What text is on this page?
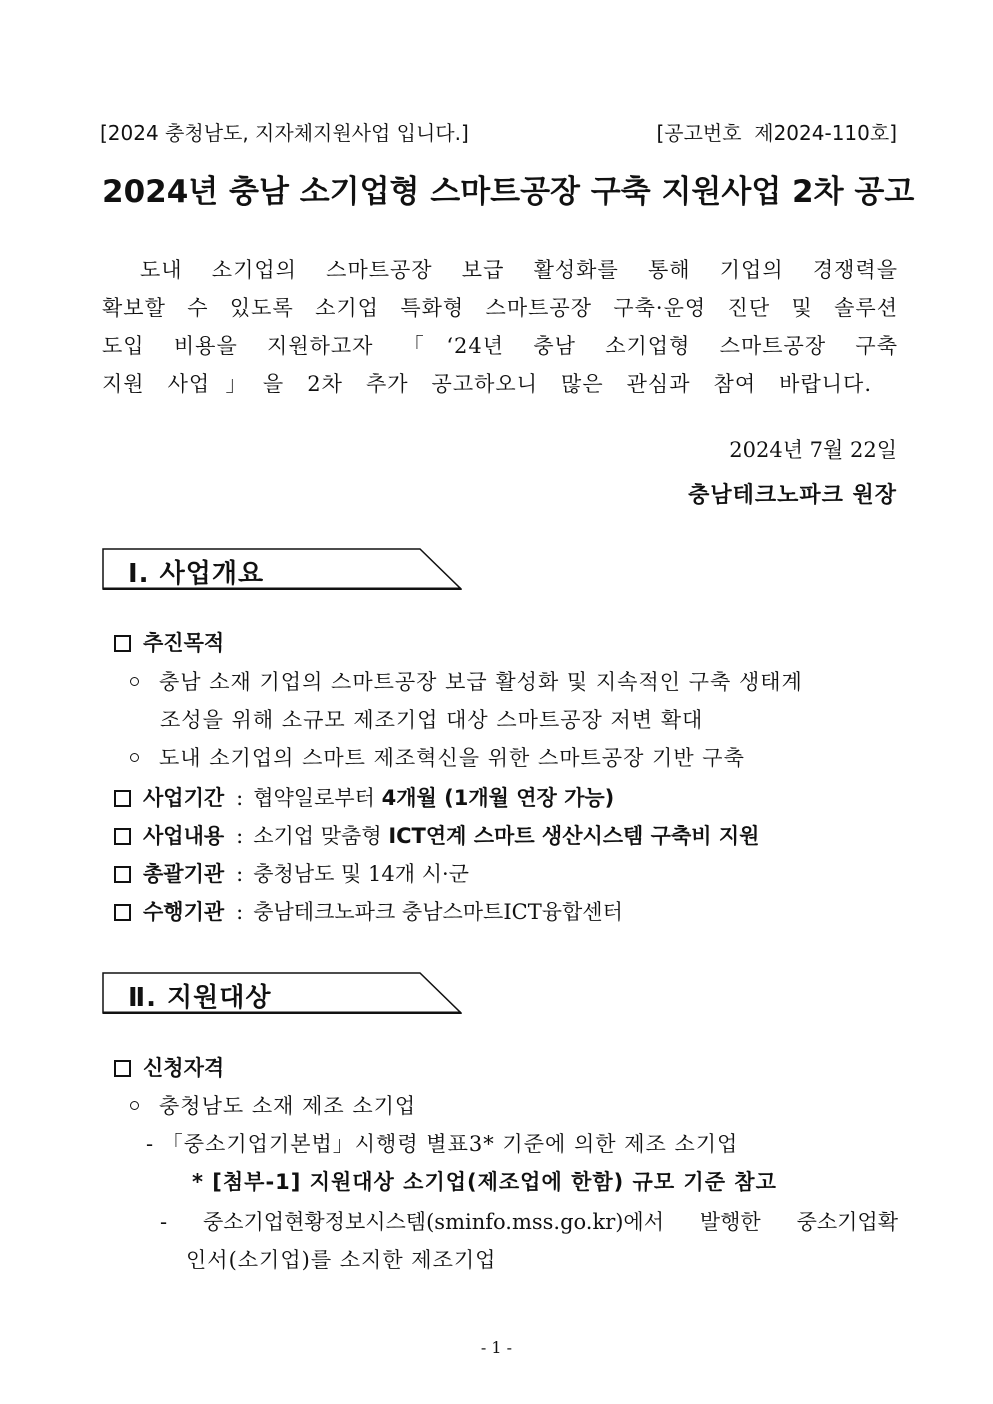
[2024 충청남도, 지자체지원사업 입니다.]	[공고번호  제2024-110호]
2024년 충남 소기업형 스마트공장 구축 지원사업 2차 공고
도내 소기업의 스마트공장 보급 활성화를 통해 기업의 경쟁력을
확보할 수 있도록 소기업 특화형 스마트공장 구축·운영 진단 및 솔루션
도입 비용을 지원하고자 「‘24년 충남 소기업형 스마트공장 구축
지원 사업」을 2차 추가 공고하오니 많은 관심과 참여 바랍니다.
2024년 7월 22일
충남테크노파크 원장
Ⅰ. 사업개요
추진목적
충남 소재 기업의 스마트공장 보급 활성화 및 지속적인 구축 생태계
조성을 위해 소규모 제조기업 대상 스마트공장 저변 확대
도내 소기업의 스마트 제조혁신을 위한 스마트공장 기반 구축
사업기간 : 협약일로부터 4개월 (1개월 연장 가능)
사업내용 : 소기업 맞춤형 ICT연계 스마트 생산시스템 구축비 지원
총괄기관 : 충청남도 및 14개 시·군
수행기관 : 충남테크노파크 충남스마트ICT융합센터
Ⅱ. 지원대상
신청자격
충청남도 소재 제조 소기업
- 「중소기업기본법」시행령 별표3* 기준에 의한 제조 소기업
* [첨부-1] 지원대상 소기업(제조업에 한함) 규모 기준 참고
- 중소기업현황정보시스템(sminfo.mss.go.kr)에서 발행한 중소기업확
인서(소기업)를 소지한 제조기업
- 1 -
